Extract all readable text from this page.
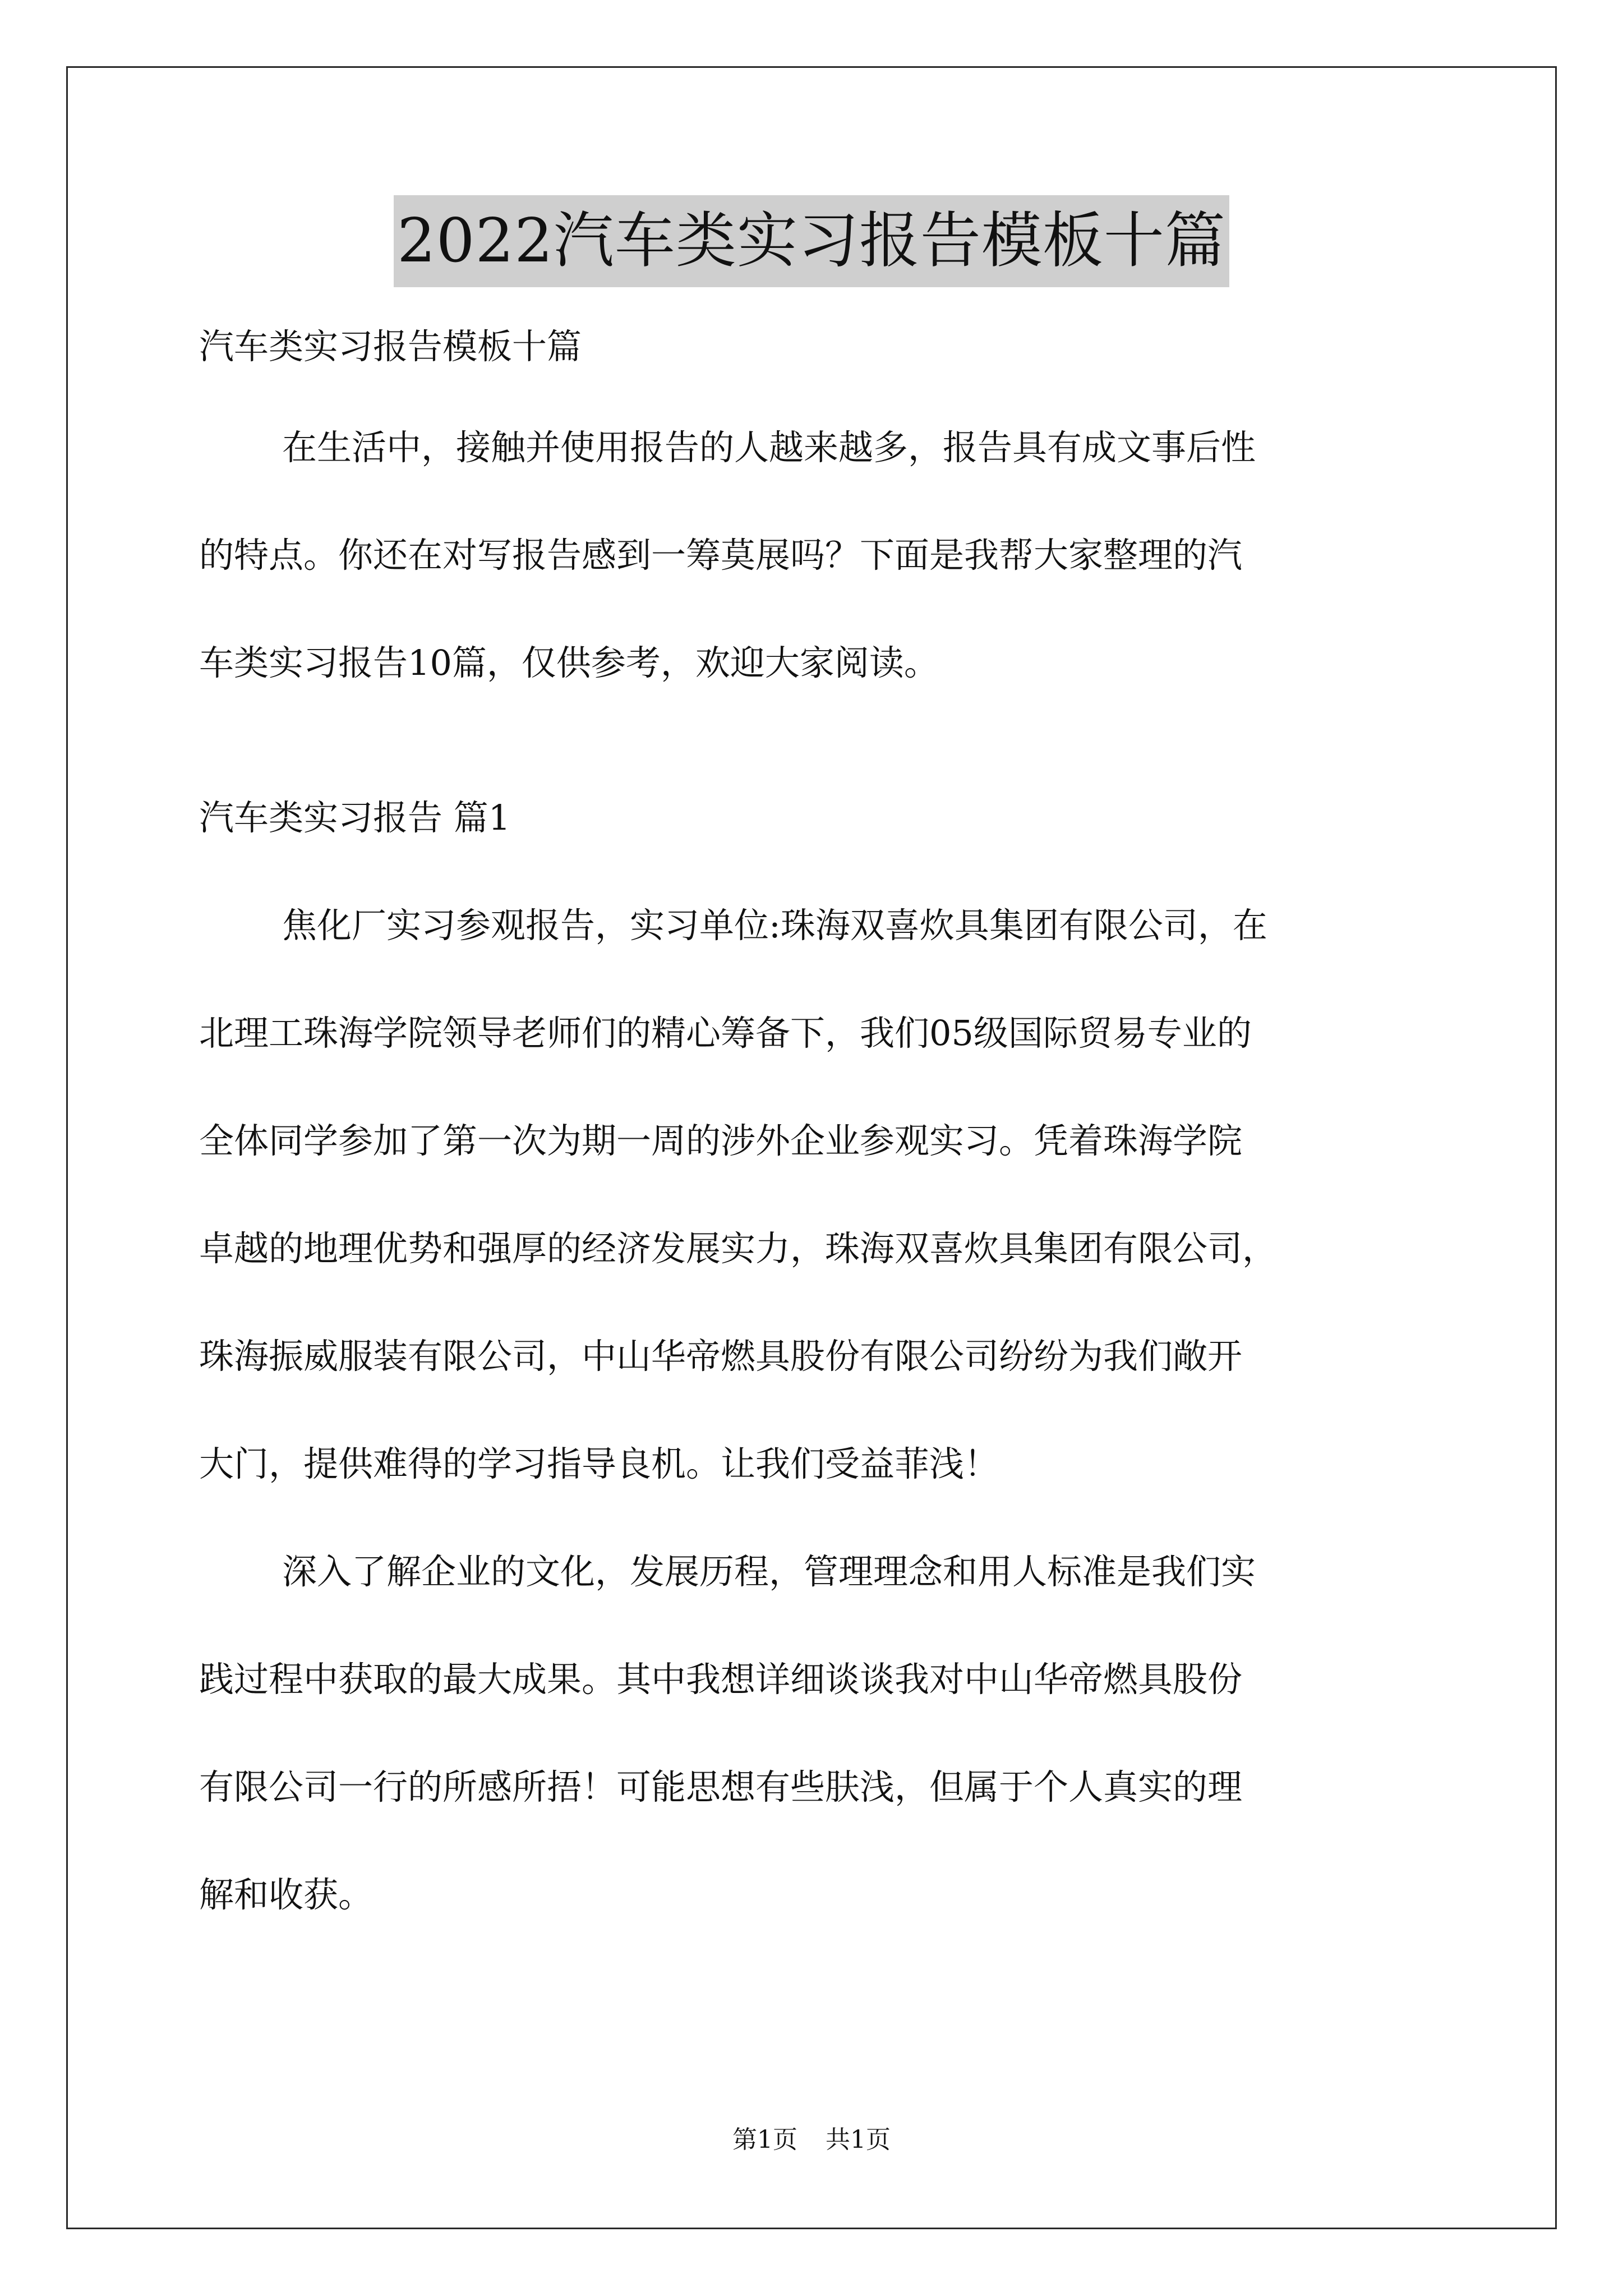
2022汽车类实习报告模板十篇

汽车类实习报告模板十篇

在生活中，接触并使用报告的人越来越多，报告具有成文事后性

的特点。你还在对写报告感到一筹莫展吗？下面是我帮大家整理的汽

车类实习报告10篇，仅供参考，欢迎大家阅读。

汽车类实习报告 篇1

焦化厂实习参观报告，实习单位:珠海双喜炊具集团有限公司，在

北理工珠海学院领导老师们的精心筹备下，我们05级国际贸易专业的

全体同学参加了第一次为期一周的涉外企业参观实习。凭着珠海学院

卓越的地理优势和强厚的经济发展实力，珠海双喜炊具集团有限公司，

珠海振威服装有限公司，中山华帝燃具股份有限公司纷纷为我们敞开

大门，提供难得的学习指导良机。让我们受益菲浅！

深入了解企业的文化，发展历程，管理理念和用人标准是我们实

践过程中获取的最大成果。其中我想详细谈谈我对中山华帝燃具股份

有限公司一行的所感所捂！可能思想有些肤浅，但属于个人真实的理

解和收获。

第1页 共1页
